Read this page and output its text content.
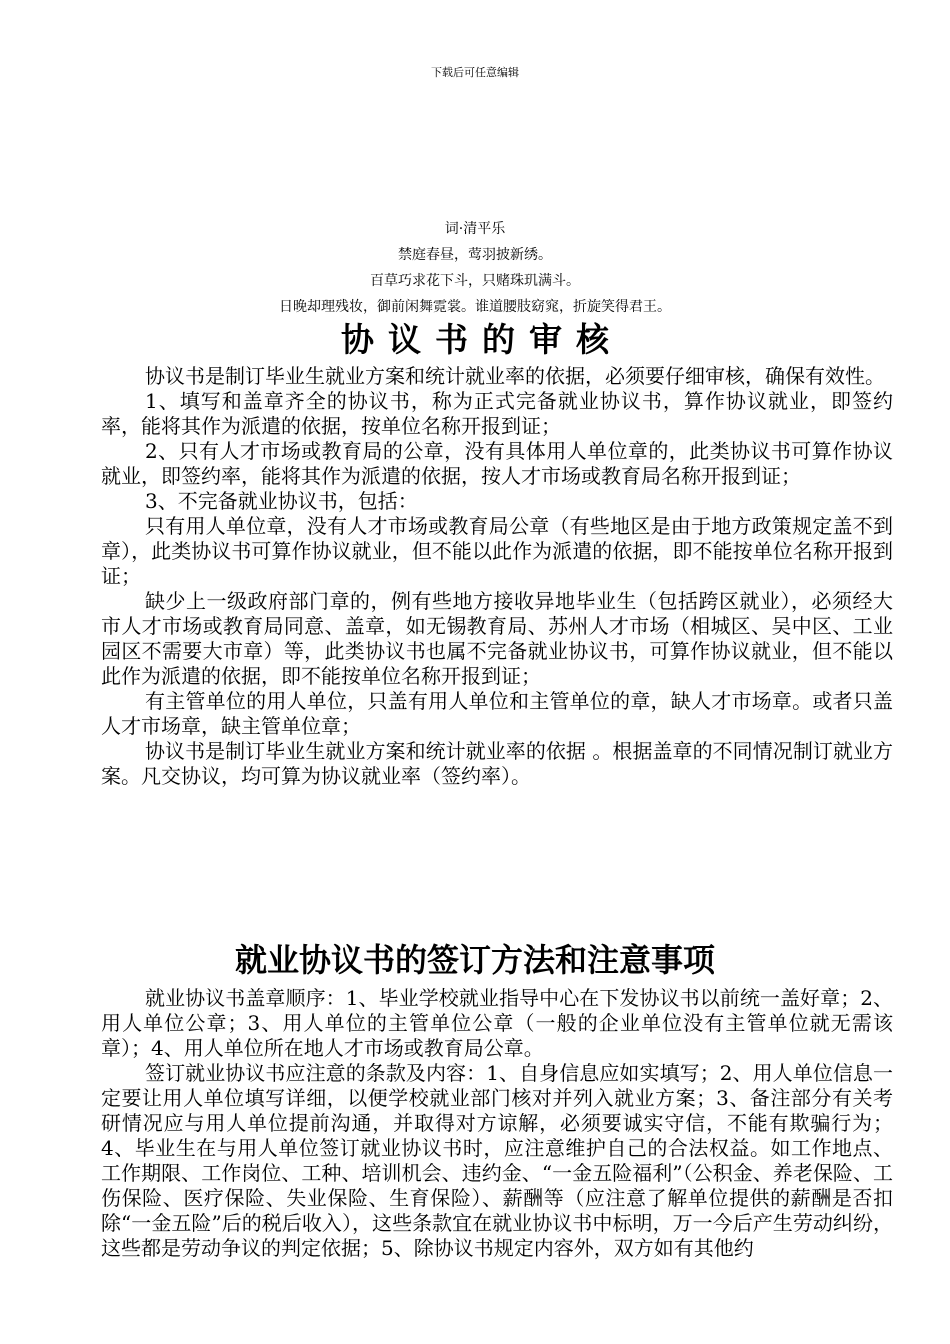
下载后可任意编辑
词·清平乐
禁庭春昼，莺羽披新绣。
百草巧求花下斗，只赌珠玑满斗。
日晚却理残妆，御前闲舞霓裳。谁道腰肢窈窕，折旋笑得君王。
协议书的审核

协议书是制订毕业生就业方案和统计就业率的依据，必须要仔细审核，确保有效性。

1、填写和盖章齐全的协议书，称为正式完备就业协议书，算作协议就业，即签约率，能将其作为派遣的依据，按单位名称开报到证；

2、只有人才市场或教育局的公章，没有具体用人单位章的，此类协议书可算作协议就业，即签约率，能将其作为派遣的依据，按人才市场或教育局名称开报到证；

3、不完备就业协议书，包括：

只有用人单位章，没有人才市场或教育局公章（有些地区是由于地方政策规定盖不到章），此类协议书可算作协议就业，但不能以此作为派遣的依据，即不能按单位名称开报到证；

缺少上一级政府部门章的，例有些地方接收异地毕业生（包括跨区就业），必须经大市人才市场或教育局同意、盖章，如无锡教育局、苏州人才市场（相城区、吴中区、工业园区不需要大市章）等，此类协议书也属不完备就业协议书，可算作协议就业，但不能以此作为派遣的依据，即不能按单位名称开报到证；

有主管单位的用人单位，只盖有用人单位和主管单位的章，缺人才市场章。或者只盖人才市场章，缺主管单位章；

协议书是制订毕业生就业方案和统计就业率的依据 。根据盖章的不同情况制订就业方案。凡交协议，均可算为协议就业率（签约率）。

就业协议书的签订方法和注意事项

就业协议书盖章顺序：1、毕业学校就业指导中心在下发协议书以前统一盖好章；2、用人单位公章；3、用人单位的主管单位公章（一般的企业单位没有主管单位就无需该章）；4、用人单位所在地人才市场或教育局公章。

签订就业协议书应注意的条款及内容：1、自身信息应如实填写；2、用人单位信息一定要让用人单位填写详细，以便学校就业部门核对并列入就业方案；3、备注部分有关考研情况应与用人单位提前沟通，并取得对方谅解，必须要诚实守信，不能有欺骗行为；4、毕业生在与用人单位签订就业协议书时，应注意维护自己的合法权益。如工作地点、工作期限、工作岗位、工种、培训机会、违约金、“一金五险福利”（公积金、养老保险、工伤保险、医疗保险、失业保险、生育保险）、薪酬等（应注意了解单位提供的薪酬是否扣除“一金五险”后的税后收入），这些条款宜在就业协议书中标明，万一今后产生劳动纠纷，这些都是劳动争议的判定依据；5、除协议书规定内容外，双方如有其他约
